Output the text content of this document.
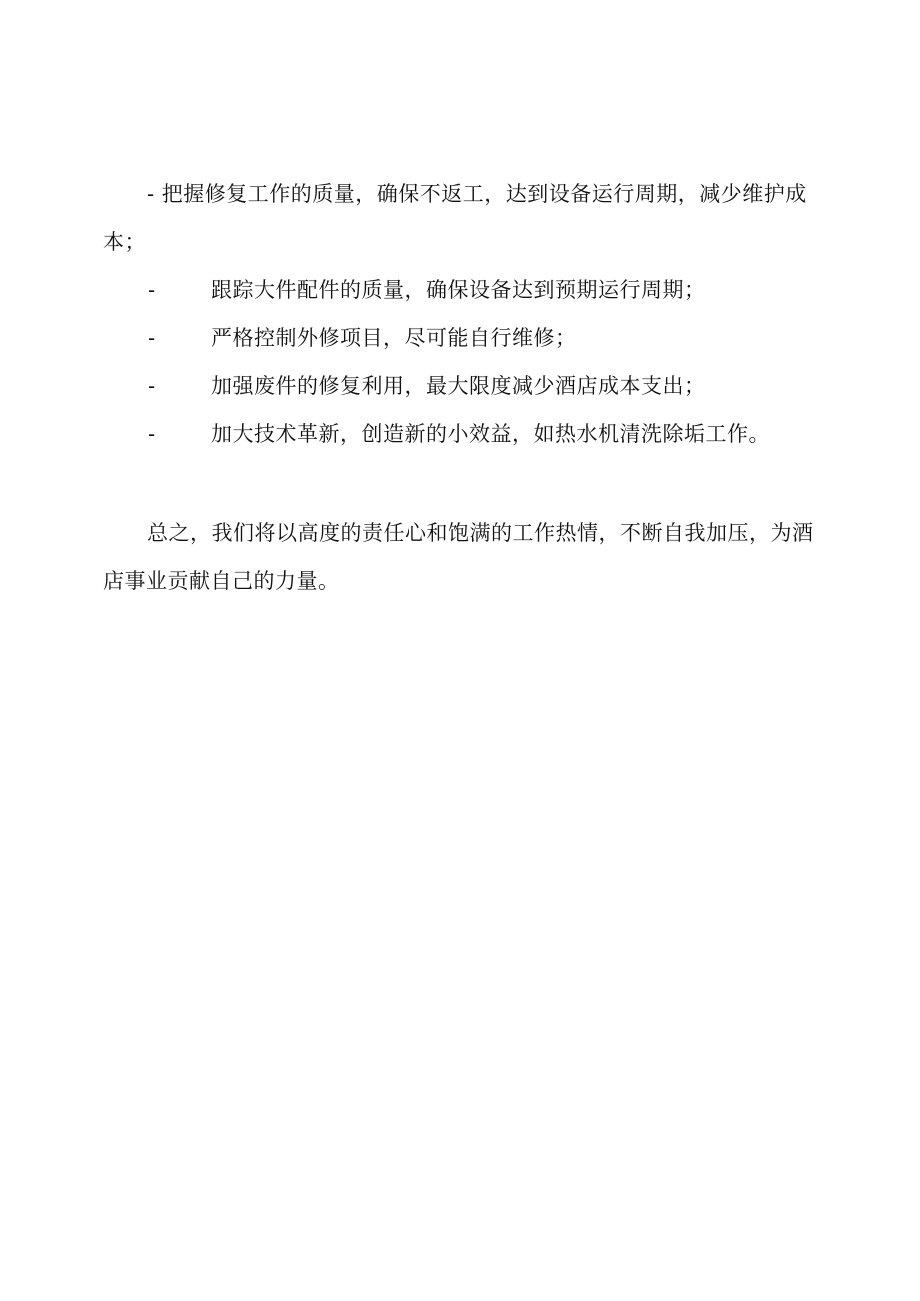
- 把握修复工作的质量，确保不返工，达到设备运行周期，减少维护成本；

-	跟踪大件配件的质量，确保设备达到预期运行周期；
-	严格控制外修项目，尽可能自行维修；
-	加强废件的修复利用，最大限度减少酒店成本支出；
-	加大技术革新，创造新的小效益，如热水机清洗除垢工作。

总之，我们将以高度的责任心和饱满的工作热情，不断自我加压，为酒店事业贡献自己的力量。
